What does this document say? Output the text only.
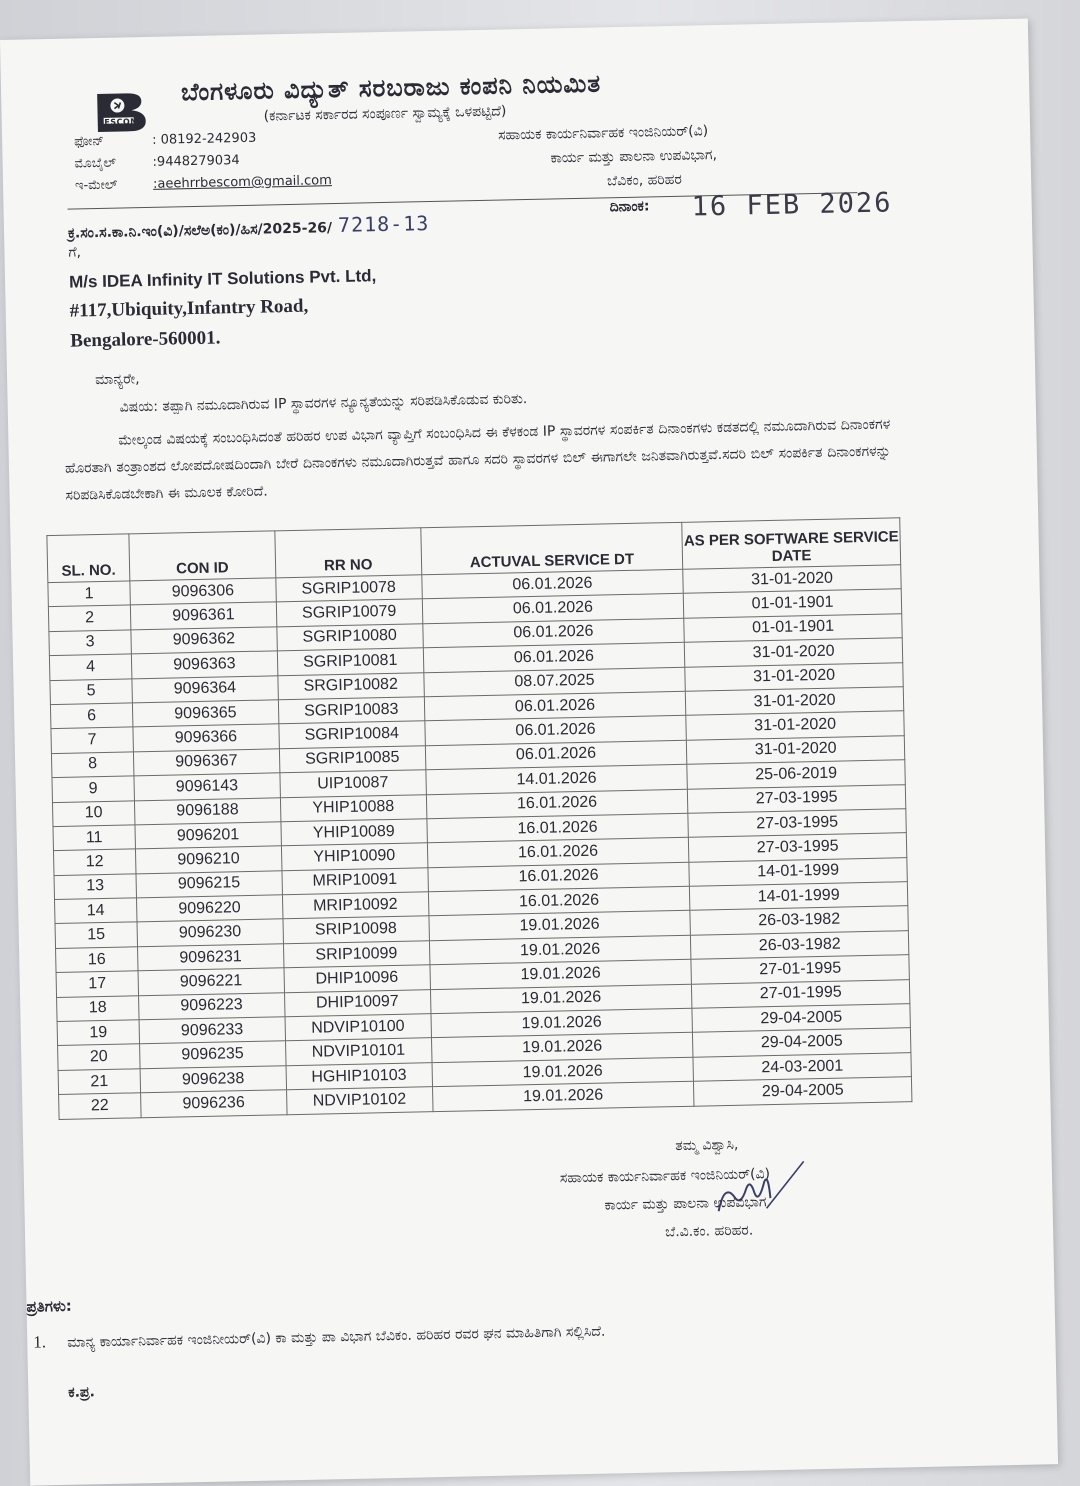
BESCOM
ಬೆಂಗಳೂರು ವಿದ್ಯುತ್ ಸರಬರಾಜು ಕಂಪನಿ ನಿಯಮಿತ
(ಕರ್ನಾಟಕ ಸರ್ಕಾರದ ಸಂಪೂರ್ಣ ಸ್ವಾಮ್ಯಕ್ಕೆ ಒಳಪಟ್ಟಿದೆ)
ಫೋನ್	: 08192-242903
ಮೊಬೈಲ್	:9448279034
ಇ-ಮೇಲ್	:aeehrrbescom@gmail.com
ಸಹಾಯಕ ಕಾರ್ಯನಿರ್ವಾಹಕ ಇಂಜಿನಿಯರ್(ವಿ)
ಕಾರ್ಯ ಮತ್ತು ಪಾಲನಾ ಉಪವಿಭಾಗ,
ಬೆವಿಕಂ, ಹರಿಹರ
ಕ್ರ.ಸಂ.ಸ.ಕಾ.ನಿ.ಇಂ(ವಿ)/ಸಲೆಅ(ಕಂ)/ಹಿಸ/2025-26/ 7218-13
ದಿನಾಂಕ: 16 FEB 2026
ಗೆ,
M/s IDEA Infinity IT Solutions Pvt. Ltd,
#117,Ubiquity,Infantry Road,
Bengalore-560001.
ಮಾನ್ಯರೇ,
ವಿಷಯ: ತಪ್ಪಾಗಿ ನಮೂದಾಗಿರುವ IP ಸ್ಥಾವರಗಳ ನ್ಯೂನ್ಯತೆಯನ್ನು ಸರಿಪಡಿಸಿಕೊಡುವ ಕುರಿತು.
ಮೇಲ್ಕಂಡ ವಿಷಯಕ್ಕೆ ಸಂಬಂಧಿಸಿದಂತೆ ಹರಿಹರ ಉಪ ವಿಭಾಗ ವ್ಯಾಪ್ತಿಗೆ ಸಂಬಂಧಿಸಿದ ಈ ಕೆಳಕಂಡ IP ಸ್ಥಾವರಗಳ ಸಂಪರ್ಕಿತ ದಿನಾಂಕಗಳು ಕಡತದಲ್ಲಿ ನಮೂದಾಗಿರುವ ದಿನಾಂಕಗಳ ಹೊರತಾಗಿ ತಂತ್ರಾಂಶದ ಲೋಪದೋಷದಿಂದಾಗಿ ಬೇರೆ ದಿನಾಂಕಗಳು ನಮೂದಾಗಿರುತ್ತವೆ ಹಾಗೂ ಸದರಿ ಸ್ಥಾವರಗಳ ಬಿಲ್ ಈಗಾಗಲೇ ಜನಿತವಾಗಿರುತ್ತವೆ.ಸದರಿ ಬಿಲ್ ಸಂಪರ್ಕಿತ ದಿನಾಂಕಗಳನ್ನು ಸರಿಪಡಿಸಿಕೊಡಬೇಕಾಗಿ ಈ ಮೂಲಕ ಕೋರಿದೆ.
SL. NO.	CON ID	RR NO	ACTUVAL SERVICE DT	AS PER SOFTWARE SERVICE DATE
1	9096306	SGRIP10078	06.01.2026	31-01-2020
2	9096361	SGRIP10079	06.01.2026	01-01-1901
3	9096362	SGRIP10080	06.01.2026	01-01-1901
4	9096363	SGRIP10081	06.01.2026	31-01-2020
5	9096364	SRGIP10082	08.07.2025	31-01-2020
6	9096365	SGRIP10083	06.01.2026	31-01-2020
7	9096366	SGRIP10084	06.01.2026	31-01-2020
8	9096367	SGRIP10085	06.01.2026	31-01-2020
9	9096143	UIP10087	14.01.2026	25-06-2019
10	9096188	YHIP10088	16.01.2026	27-03-1995
11	9096201	YHIP10089	16.01.2026	27-03-1995
12	9096210	YHIP10090	16.01.2026	27-03-1995
13	9096215	MRIP10091	16.01.2026	14-01-1999
14	9096220	MRIP10092	16.01.2026	14-01-1999
15	9096230	SRIP10098	19.01.2026	26-03-1982
16	9096231	SRIP10099	19.01.2026	26-03-1982
17	9096221	DHIP10096	19.01.2026	27-01-1995
18	9096223	DHIP10097	19.01.2026	27-01-1995
19	9096233	NDVIP10100	19.01.2026	29-04-2005
20	9096235	NDVIP10101	19.01.2026	29-04-2005
21	9096238	HGHIP10103	19.01.2026	24-03-2001
22	9096236	NDVIP10102	19.01.2026	29-04-2005
ತಮ್ಮ ವಿಶ್ವಾಸಿ,
ಸಹಾಯಕ ಕಾರ್ಯನಿರ್ವಾಹಕ ಇಂಜಿನಿಯರ್(ವಿ)
ಕಾರ್ಯ ಮತ್ತು ಪಾಲನಾ ಉಪವಿಭಾಗ
ಬೆ.ವಿ.ಕಂ. ಹರಿಹರ.
ಪ್ರತಿಗಳು:
1. ಮಾನ್ಯ ಕಾರ್ಯಾನಿರ್ವಾಹಕ ಇಂಜಿನೀಯರ್(ವಿ) ಕಾ ಮತ್ತು ಪಾ ವಿಭಾಗ ಬೆವಿಕಂ. ಹರಿಹರ ರವರ ಘನ ಮಾಹಿತಿಗಾಗಿ ಸಲ್ಲಿಸಿದೆ.
ಕ.ಪ್ರ.
